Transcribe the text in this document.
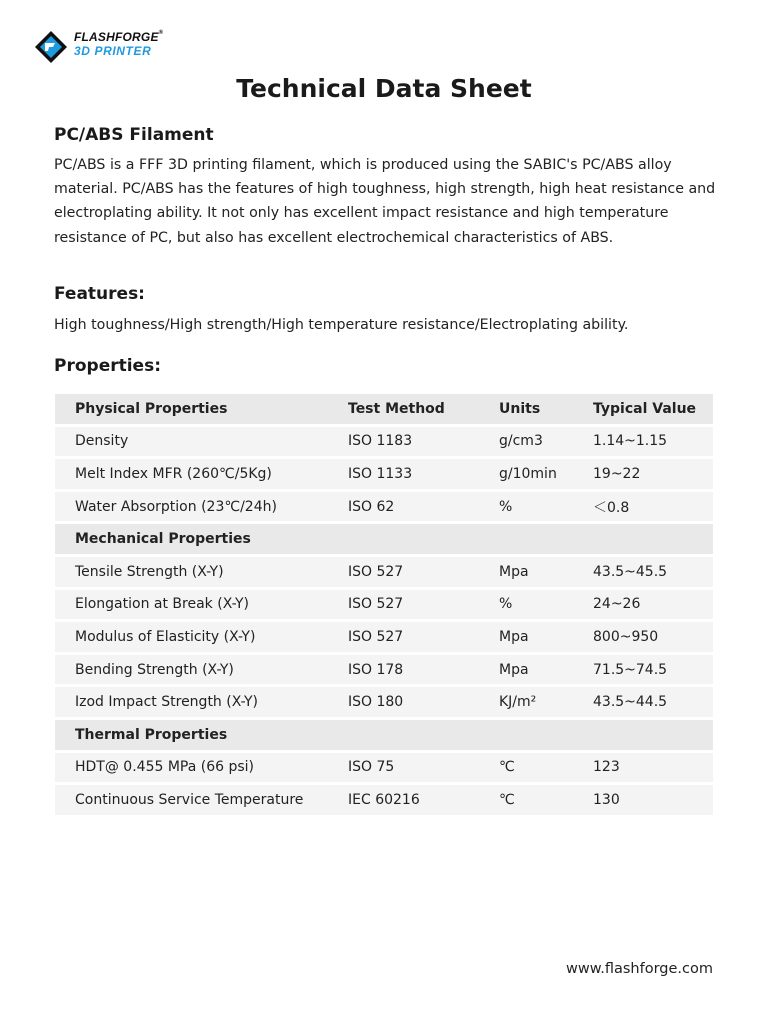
FLASHFORGE®
3D PRINTER
Technical Data Sheet
PC/ABS Filament
PC/ABS is a FFF 3D printing filament, which is produced using the SABIC's PC/ABS alloy material. PC/ABS has the features of high toughness, high strength, high heat resistance and electroplating ability. It not only has excellent impact resistance and high temperature resistance of PC, but also has excellent electrochemical characteristics of ABS.
Features:
High toughness/High strength/High temperature resistance/Electroplating ability.
Properties:
Physical Properties	Test Method	Units	Typical Value
Density	ISO 1183	g/cm3	1.14~1.15
Melt Index MFR (260℃/5Kg)	ISO 1133	g/10min	19~22
Water Absorption (23℃/24h)	ISO 62	%	＜0.8
Mechanical Properties			
Tensile Strength (X-Y)	ISO 527	Mpa	43.5~45.5
Elongation at Break (X-Y)	ISO 527	%	24~26
Modulus of Elasticity (X-Y)	ISO 527	Mpa	800~950
Bending Strength (X-Y)	ISO 178	Mpa	71.5~74.5
Izod Impact Strength (X-Y)	ISO 180	KJ/m²	43.5~44.5
Thermal Properties			
HDT@ 0.455 MPa (66 psi)	ISO 75	℃	123
Continuous Service Temperature	IEC 60216	℃	130
www.flashforge.com
